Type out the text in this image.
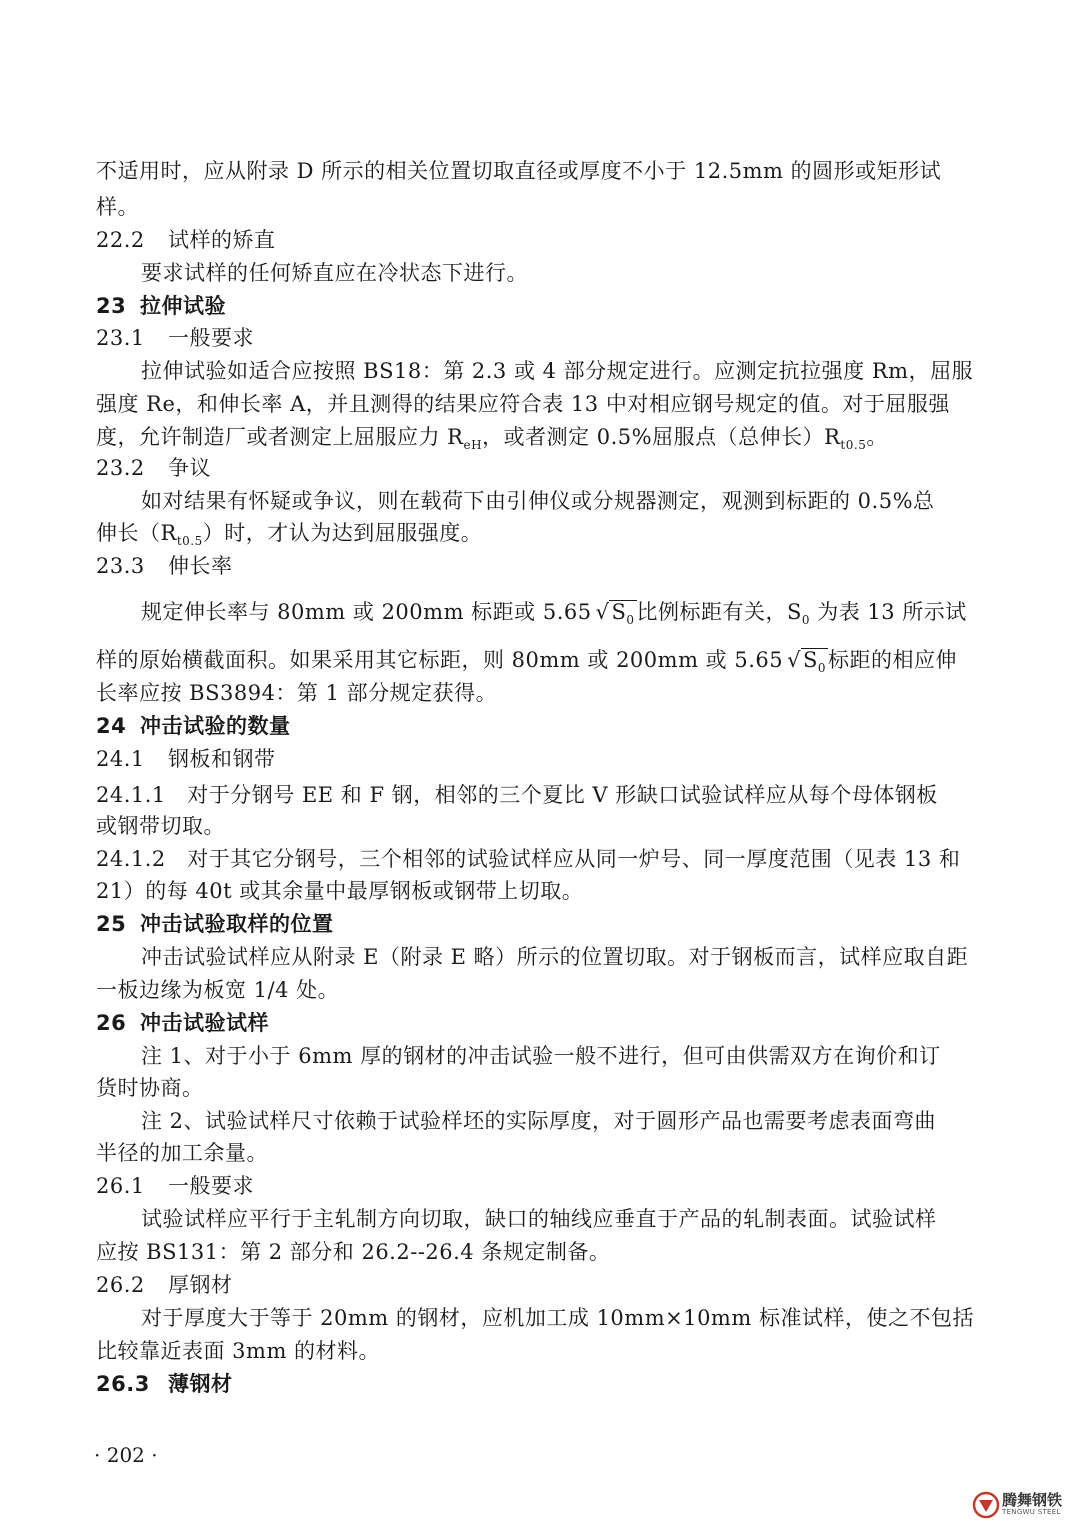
不适用时，应从附录 D 所示的相关位置切取直径或厚度不小于 12.5mm 的圆形或矩形试
样。
22.2 试样的矫直
要求试样的任何矫直应在冷状态下进行。
23 拉伸试验
23.1 一般要求
拉伸试验如适合应按照 BS18：第 2.3 或 4 部分规定进行。应测定抗拉强度 Rm，屈服
强度 Re，和伸长率 A，并且测得的结果应符合表 13 中对相应钢号规定的值。对于屈服强
度，允许制造厂或者测定上屈服应力 $R_{eH}$，或者测定 0.5%屈服点（总伸长）$R_{t0.5}$。
23.2 争议
如对结果有怀疑或争议，则在载荷下由引伸仪或分规器测定，观测到标距的 0.5%总
伸长$(R_{t0.5})$时，才认为达到屈服强度。
23.3 伸长率
规定伸长率与 80mm 或 200mm 标距或 5.65 $√S_0$比例标距有关，$S_0$ 为表 13 所示试
样的原始横截面积。如果采用其它标距，则 80mm 或 200mm 或 5.65 $√S_0$标距的相应伸
长率应按 BS3894：第 1 部分规定获得。
24 冲击试验的数量
24.1 钢板和钢带
24.1.1　对于分钢号 EE 和 F 钢，相邻的三个夏比 V 形缺口试验试样应从每个母体钢板
或钢带切取。
24.1.2　对于其它分钢号，三个相邻的试验试样应从同一炉号、同一厚度范围（见表 13 和
21）的每 40t 或其余量中最厚钢板或钢带上切取。
25 冲击试验取样的位置
冲击试验试样应从附录 E（附录 E 略）所示的位置切取。对于钢板而言，试样应取自距
一板边缘为板宽 1/4 处。
26 冲击试验试样
注 1、对于小于 6mm 厚的钢材的冲击试验一般不进行，但可由供需双方在询价和订
货时协商。
注 2、试验试样尺寸依赖于试验样坯的实际厚度，对于圆形产品也需要考虑表面弯曲
半径的加工余量。
26.1 一般要求
试验试样应平行于主轧制方向切取，缺口的轴线应垂直于产品的轧制表面。试验试样
应按 BS131：第 2 部分和 26.2--26.4 条规定制备。
26.2 厚钢材
对于厚度大于等于 20mm 的钢材，应机加工成 10mm×10mm 标准试样，使之不包括
比较靠近表面 3mm 的材料。
26.3 薄钢材
· 202 ·
腾舞钢铁
TENGWU STEEL
